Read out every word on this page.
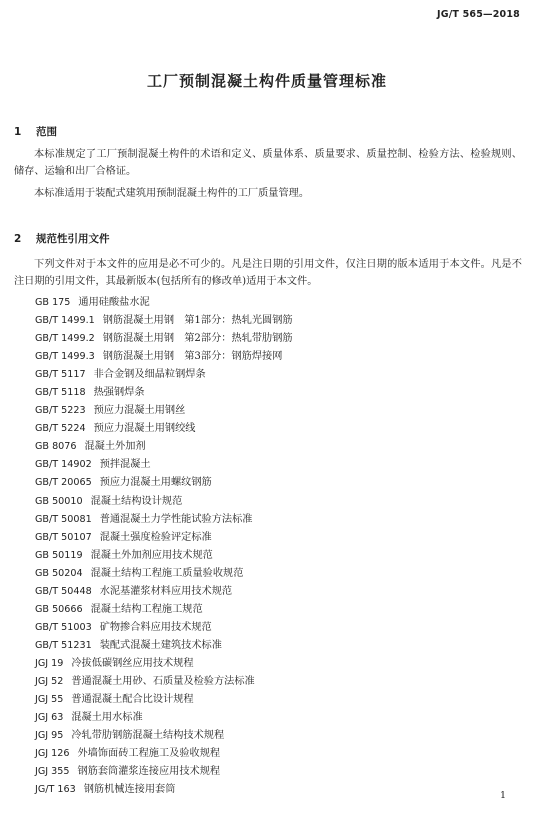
JG/T 565—2018
工厂预制混凝土构件质量管理标准
1 范围

本标准规定了工厂预制混凝土构件的术语和定义、质量体系、质量要求、质量控制、检验方法、检验规则、储存、运输和出厂合格证。

本标准适用于装配式建筑用预制混凝土构件的工厂质量管理。

2 规范性引用文件

下列文件对于本文件的应用是必不可少的。凡是注日期的引用文件，仅注日期的版本适用于本文件。凡是不注日期的引用文件，其最新版本(包括所有的修改单)适用于本文件。

GB 175 通用硅酸盐水泥
GB/T 1499.1 钢筋混凝土用钢　第1部分：热轧光圆钢筋
GB/T 1499.2 钢筋混凝土用钢　第2部分：热轧带肋钢筋
GB/T 1499.3 钢筋混凝土用钢　第3部分：钢筋焊接网
GB/T 5117 非合金钢及细晶粒钢焊条
GB/T 5118 热强钢焊条
GB/T 5223 预应力混凝土用钢丝
GB/T 5224 预应力混凝土用钢绞线
GB 8076 混凝土外加剂
GB/T 14902 预拌混凝土
GB/T 20065 预应力混凝土用螺纹钢筋
GB 50010 混凝土结构设计规范
GB/T 50081 普通混凝土力学性能试验方法标准
GB/T 50107 混凝土强度检验评定标准
GB 50119 混凝土外加剂应用技术规范
GB 50204 混凝土结构工程施工质量验收规范
GB/T 50448 水泥基灌浆材料应用技术规范
GB 50666 混凝土结构工程施工规范
GB/T 51003 矿物掺合料应用技术规范
GB/T 51231 装配式混凝土建筑技术标准
JGJ 19 冷拔低碳钢丝应用技术规程
JGJ 52 普通混凝土用砂、石质量及检验方法标准
JGJ 55 普通混凝土配合比设计规程
JGJ 63 混凝土用水标准
JGJ 95 冷轧带肋钢筋混凝土结构技术规程
JGJ 126 外墙饰面砖工程施工及验收规程
JGJ 355 钢筋套筒灌浆连接应用技术规程
JG/T 163 钢筋机械连接用套筒
1
